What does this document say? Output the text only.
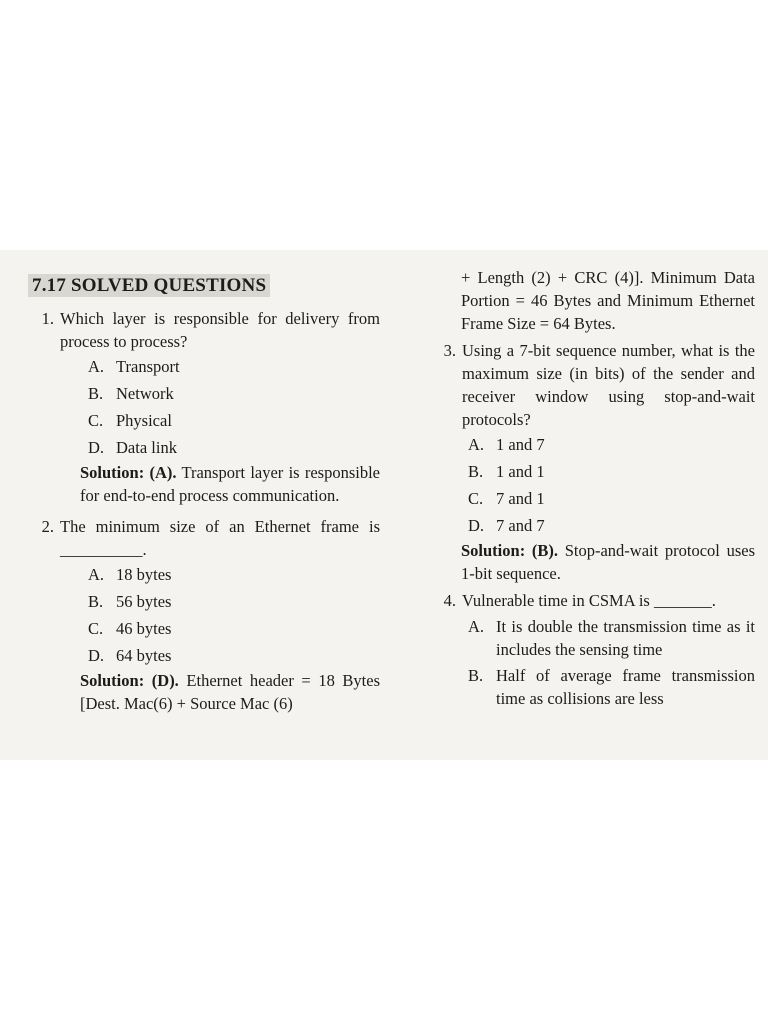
7.17 SOLVED QUESTIONS
1. Which layer is responsible for delivery from process to process?
A. Transport
B. Network
C. Physical
D. Data link
Solution: (A). Transport layer is responsible for end-to-end process communication.
2. The minimum size of an Ethernet frame is __________.
A. 18 bytes
B. 56 bytes
C. 46 bytes
D. 64 bytes
Solution: (D). Ethernet header = 18 Bytes [Dest. Mac(6) + Source Mac (6)
+ Length (2) + CRC (4)]. Minimum Data Portion = 46 Bytes and Minimum Ethernet Frame Size = 64 Bytes.
3. Using a 7-bit sequence number, what is the maximum size (in bits) of the sender and receiver window using stop-and-wait protocols?
A. 1 and 7
B. 1 and 1
C. 7 and 1
D. 7 and 7
Solution: (B). Stop-and-wait protocol uses 1-bit sequence.
4. Vulnerable time in CSMA is _______.
A. It is double the transmission time as it includes the sensing time
B. Half of average frame transmission time as collisions are less
